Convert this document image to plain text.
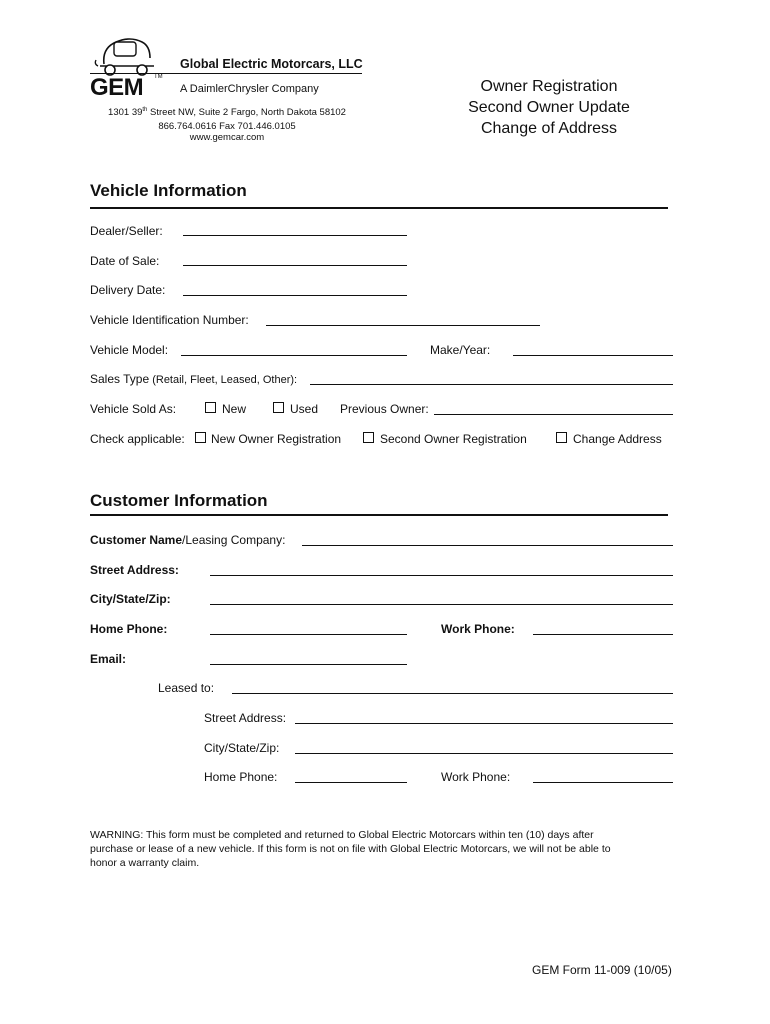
GEM TM
Global Electric Motorcars, LLC
A DaimlerChrysler Company
1301 39th Street NW, Suite 2 Fargo, North Dakota 58102
866.764.0616 Fax 701.446.0105
www.gemcar.com
Owner Registration
Second Owner Update
Change of Address
Vehicle Information
Dealer/Seller:
Date of Sale:
Delivery Date:
Vehicle Identification Number:
Vehicle Model:	Make/Year:
Sales Type (Retail, Fleet, Leased, Other):
Vehicle Sold As:	New	Used Previous Owner:
Check applicable: New Owner Registration	Second Owner Registration	Change Address
Customer Information
Customer Name/Leasing Company:
Street Address:
City/State/Zip:
Home Phone:	Work Phone:
Email:
Leased to:
Street Address:
City/State/Zip:
Home Phone:	Work Phone:
WARNING: This form must be completed and returned to Global Electric Motorcars within ten (10) days after
purchase or lease of a new vehicle. If this form is not on file with Global Electric Motorcars, we will not be able to
honor a warranty claim.
GEM Form 11-009 (10/05)
